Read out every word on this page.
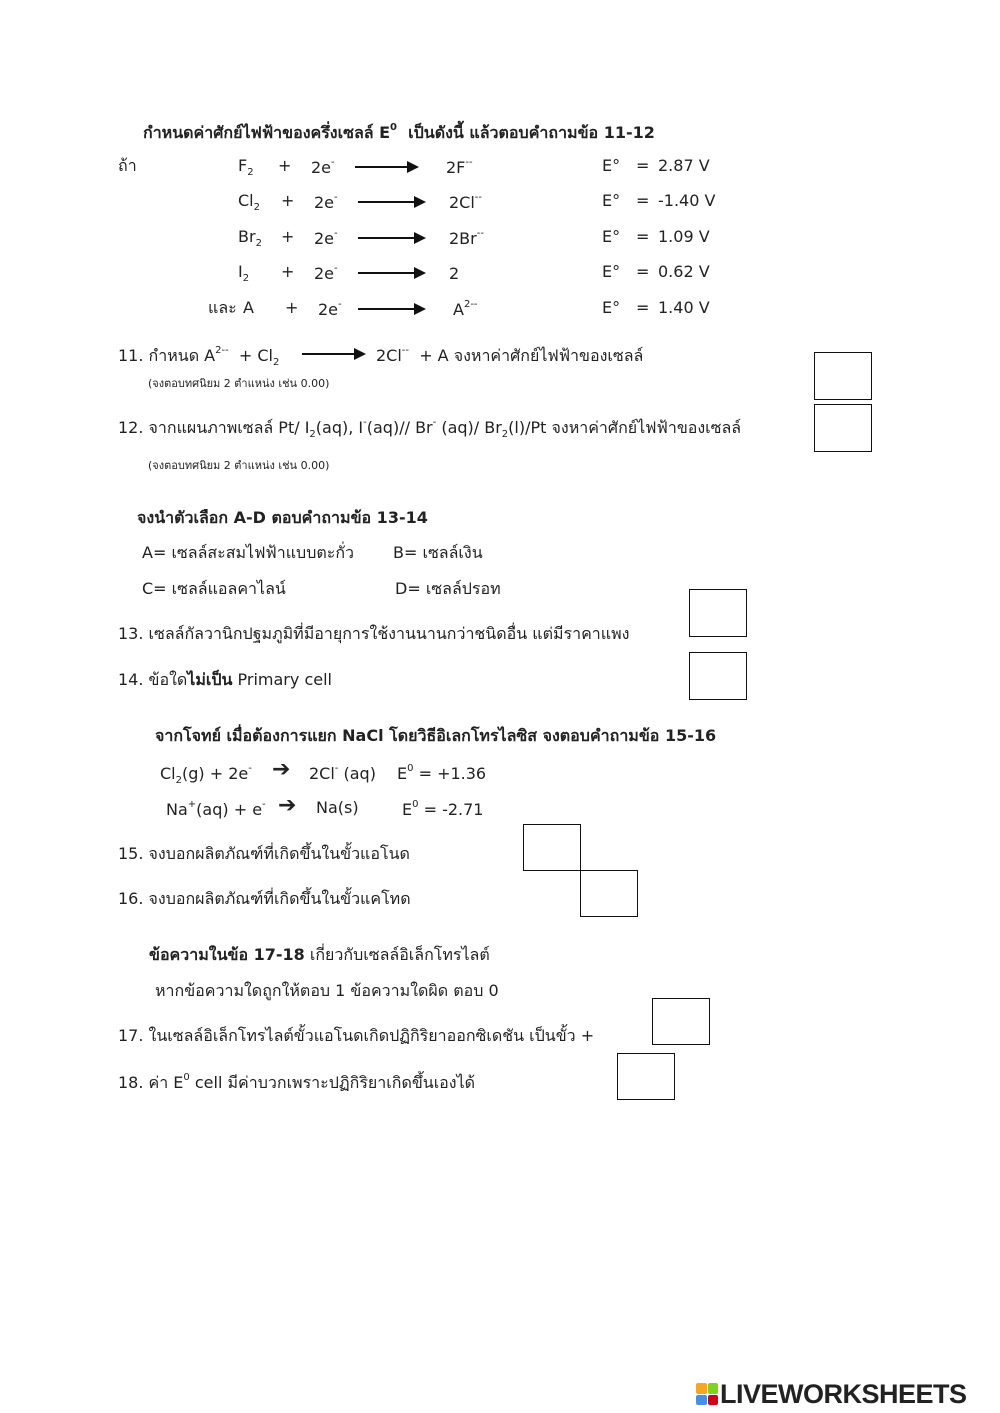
กำหนดค่าศักย์ไฟฟ้าของครึ่งเซลล์ $E^0$ เป็นดังนี้ แล้วตอบคำถามข้อ 11-12
ถ้า
และ
$F_2 + 2e^- \to 2F^{--}$	E° = 2.87 V
$Cl_2 + 2e^-$	2Cl--	E° = -1.40 V
$Br_2 + 2e^-$	2Br--	E° = 1.09 V
$I_2 + 2e^-$	2	E° = 0.62 V
A + 2e-	$A^{2--}$	E° = 1.40 V
11. กำหนด $A^{2--} + Cl_2$	2Cl-- + A จงหาค่าศักย์ไฟฟ้าของเซลล์
(จงตอบทศนิยม 2 ตำแหน่ง เช่น 0.00)
12. จากแผนภาพเซลล์ Pt/ $I_2(aq)$, I-(aq)// Br- (aq)/ $Br_2(l)/Pt$ จงหาค่าศักย์ไฟฟ้าของเซลล์
(จงตอบทศนิยม 2 ตำแหน่ง เช่น 0.00)
จงนำตัวเลือก A-D ตอบคำถามข้อ 13-14
A= เซลล์สะสมไฟฟ้าแบบตะกั่ว B= เซลล์เงิน
C= เซลล์แอลคาไลน์	D= เซลล์ปรอท
13. เซลล์กัลวานิกปฐมภูมิที่มีอายุการใช้งานนานกว่าชนิดอื่น แต่มีราคาแพง
14. ข้อใดไม่เป็น Primary cell
จากโจทย์ เมื่อต้องการแยก NaCl โดยวิธีอิเลกโทรไลซิส จงตอบคำถามข้อ 15-16
$Cl_2(g) + 2e^-$ ➔ 2Cl- (aq) $E^0 = +1.36$
Na+(aq) + e- ➔ Na(s)	$E^0 = -2.71$
15. จงบอกผลิตภัณฑ์ที่เกิดขึ้นในขั้วแอโนด
16. จงบอกผลิตภัณฑ์ที่เกิดขึ้นในขั้วแคโทด
ข้อความในข้อ 17-18 เกี่ยวกับเซลล์อิเล็กโทรไลต์
หากข้อความใดถูกให้ตอบ 1 ข้อความใดผิด ตอบ 0
17. ในเซลล์อิเล็กโทรไลต์ขั้วแอโนดเกิดปฏิกิริยาออกซิเดชัน เป็นขั้ว +
18. ค่า $E^0$ cell มีค่าบวกเพราะปฏิกิริยาเกิดขึ้นเองได้
LIVEWORKSHEETS
